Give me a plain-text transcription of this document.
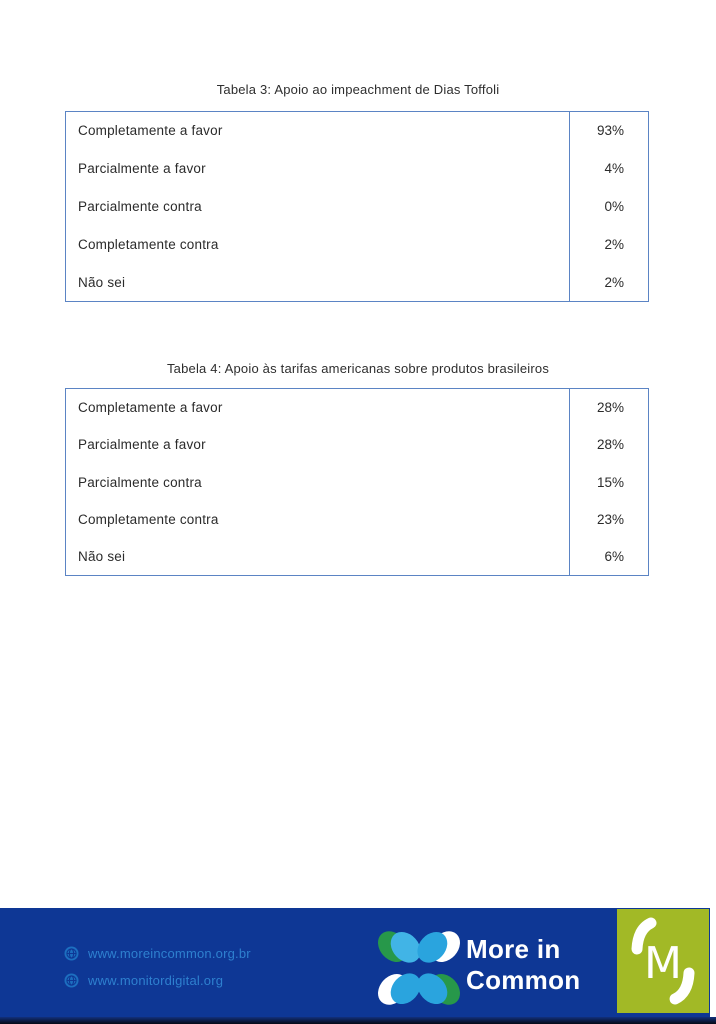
Tabela 3: Apoio ao impeachment de Dias Toffoli
Completamente a favor	93%
Parcialmente a favor	4%
Parcialmente contra	0%
Completamente contra	2%
Não sei	2%
Tabela 4: Apoio às tarifas americanas sobre produtos brasileiros
Completamente a favor	28%
Parcialmente a favor	28%
Parcialmente contra	15%
Completamente contra	23%
Não sei	6%
www.moreincommon.org.br
www.monitordigital.org
More in
Common M
